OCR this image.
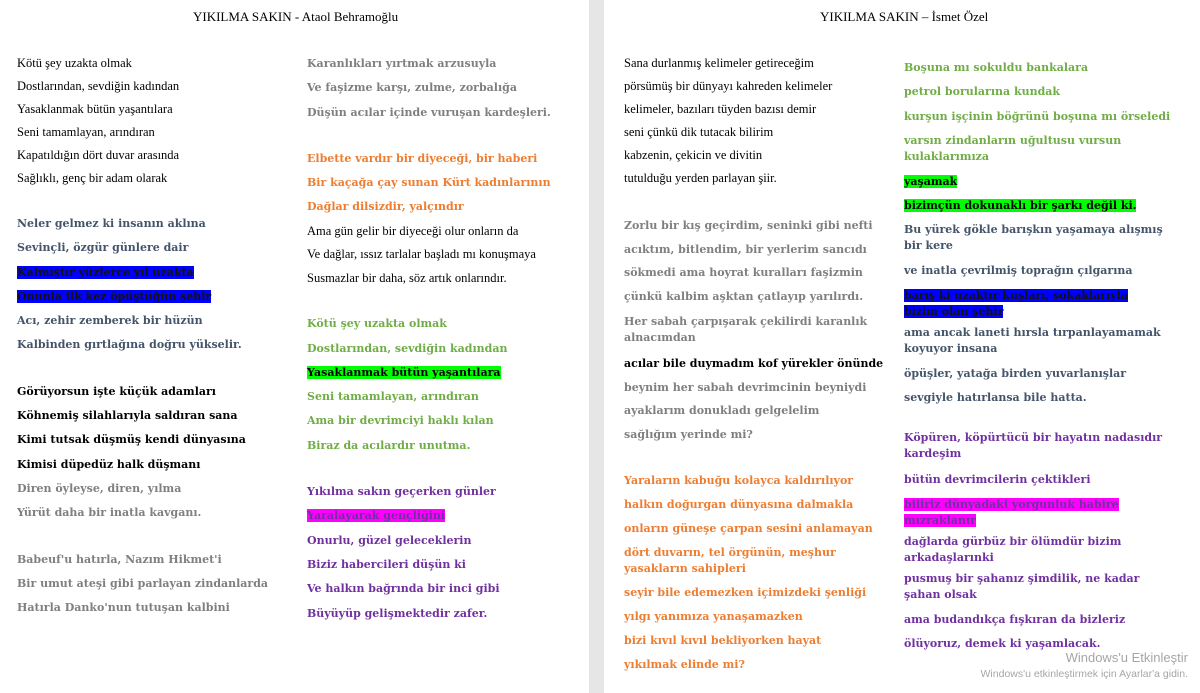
YIKILMA SAKIN - Ataol Behramoğlu

Kötü şey uzakta olmak

Dostlarından, sevdiğin kadından

Yasaklanmak bütün yaşantılara

Seni tamamlayan, arındıran

Kapatıldığın dört duvar arasında

Sağlıklı, genç bir adam olarak

Neler gelmez ki insanın aklına

Sevinçli, özgür günlere dair

Kalmıştır yüzlerce yıl uzakta

Onunla ilk kez öpüştüğün şehir

Acı, zehir zemberek bir hüzün

Kalbinden gırtlağına doğru yükselir.

Görüyorsun işte küçük adamları

Köhnemiş silahlarıyla saldıran sana

Kimi tutsak düşmüş kendi dünyasına

Kimisi düpedüz halk düşmanı

Diren öyleyse, diren, yılma

Yürüt daha bir inatla kavganı.

Babeuf'u hatırla, Nazım Hikmet'i

Bir umut ateşi gibi parlayan zindanlarda

Hatırla Danko'nun tutuşan kalbini

Karanlıkları yırtmak arzusuyla

Ve faşizme karşı, zulme, zorbalığa

Düşün acılar içinde vuruşan kardeşleri.

Elbette vardır bir diyeceği, bir haberi

Bir kaçağa çay sunan Kürt kadınlarının

Dağlar dilsizdir, yalçındır

Ama gün gelir bir diyeceği olur onların da

Ve dağlar, ıssız tarlalar başladı mı konuşmaya

Susmazlar bir daha, söz artık onlarındır.

Kötü şey uzakta olmak

Dostlarından, sevdiğin kadından

Yasaklanmak bütün yaşantılara

Seni tamamlayan, arındıran

Ama bir devrimciyi haklı kılan

Biraz da acılardır unutma.

Yıkılma sakın geçerken günler

Yaralayarak gençliğini

Onurlu, güzel geleceklerin

Biziz habercileri düşün ki

Ve halkın bağrında bir inci gibi

Büyüyüp gelişmektedir zafer.

YIKILMA SAKIN – İsmet Özel

Sana durlanmış kelimeler getireceğim

pörsümüş bir dünyayı kahreden kelimeler

kelimeler, bazıları tüyden bazısı demir

seni çünkü dik tutacak bilirim

kabzenin, çekicin ve divitin

tutulduğu yerden parlayan şiir.

Zorlu bir kış geçirdim, seninki gibi nefti

acıktım, bitlendim, bir yerlerim sancıdı

sökmedi ama hoyrat kuralları faşizmin

çünkü kalbim aşktan çatlayıp yarılırdı.

Her sabah çarpışarak çekilirdi karanlık alnacımdan

acılar bile duymadım kof yürekler önünde

beynim her sabah devrimcinin beyniydi

ayaklarım donukladı gelgelelim

sağlığım yerinde mi?

Yaraların kabuğu kolayca kaldırılıyor

halkın doğurgan dünyasına dalmakla

onların güneşe çarpan sesini anlamayan

dört duvarın, tel örgünün, meşhur yasakların sahipleri

seyir bile edemezken içimizdeki şenliği

yılgı yanımıza yanaşamazken

bizi kıvıl kıvıl bekliyorken hayat

yıkılmak elinde mi?

Boşuna mı sokuldu bankalara

petrol borularına kundak

kurşun işçinin böğrünü boşuna mı örseledi

varsın zindanların uğultusu vursun kulaklarımıza

yaşamak

bizimçün dokunaklı bir şarkı değil ki.

Bu yürek gökle barışkın yaşamaya alışmış bir kere

ve inatla çevrilmiş toprağın çılgarına

barış ki uzaktır kuşları, sokaklarıyla bizim olan şehir

ama ancak laneti hırsla tırpanlayamamak koyuyor insana

öpüşler, yatağa birden yuvarlanışlar

sevgiyle hatırlansa bile hatta.

Köpüren, köpürtücü bir hayatın nadasıdır kardeşim

bütün devrimcilerin çektikleri

biliriz dünyadaki yorgunluk habire mızraklanır

dağlarda gürbüz bir ölümdür bizim arkadaşlarınki

pusmuş bir şahanız şimdilik, ne kadar şahan olsak

ama budandıkça fışkıran da bizleriz

ölüyoruz, demek ki yaşamlacak.

Windows'u Etkinleştir
Windows'u etkinleştirmek için Ayarlar'a gidin.
